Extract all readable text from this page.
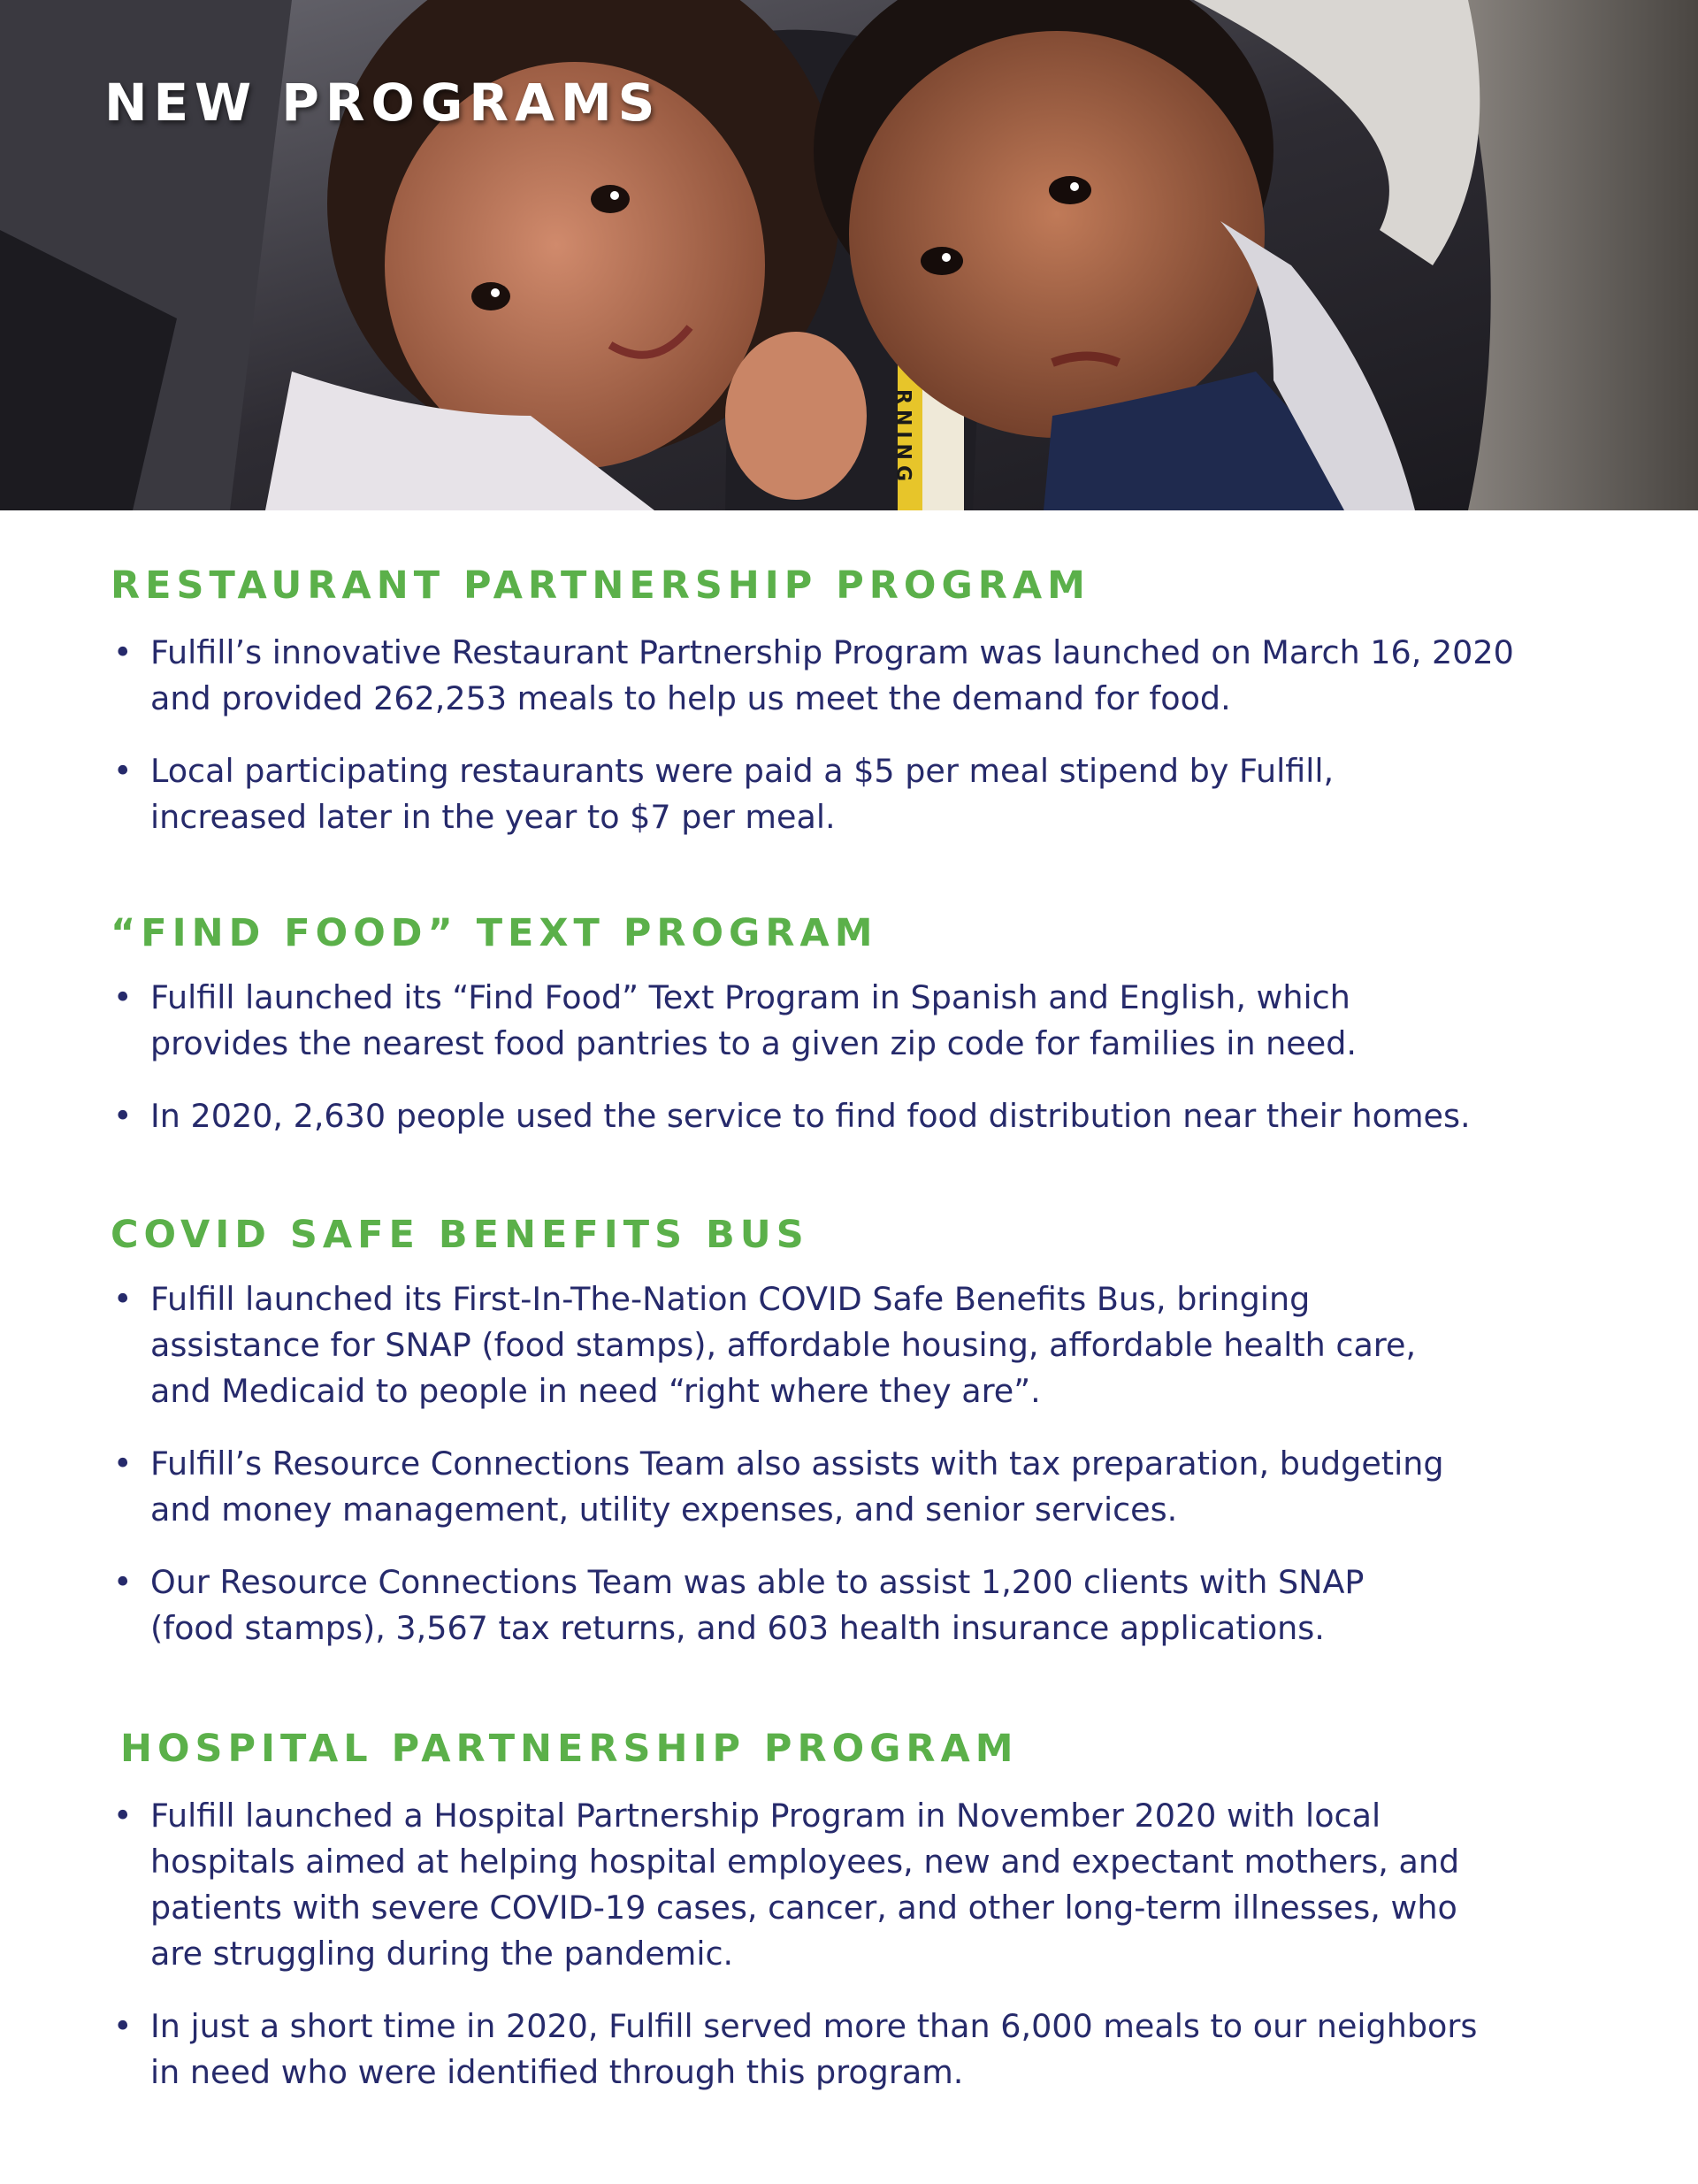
RNING
NEW PROGRAMS
RESTAURANT PARTNERSHIP PROGRAM
• Fulfill’s innovative Restaurant Partnership Program was launched on March 16, 2020
and provided 262,253 meals to help us meet the demand for food.
• Local participating restaurants were paid a $5 per meal stipend by Fulfill,
increased later in the year to $7 per meal.
“FIND FOOD” TEXT PROGRAM
• Fulfill launched its “Find Food” Text Program in Spanish and English, which
provides the nearest food pantries to a given zip code for families in need.
• In 2020, 2,630 people used the service to find food distribution near their homes.
COVID SAFE BENEFITS BUS
• Fulfill launched its First-In-The-Nation COVID Safe Benefits Bus, bringing
assistance for SNAP (food stamps), affordable housing, affordable health care,
and Medicaid to people in need “right where they are”.
• Fulfill’s Resource Connections Team also assists with tax preparation, budgeting
and money management, utility expenses, and senior services.
• Our Resource Connections Team was able to assist 1,200 clients with SNAP
(food stamps), 3,567 tax returns, and 603 health insurance applications.
HOSPITAL PARTNERSHIP PROGRAM
• Fulfill launched a Hospital Partnership Program in November 2020 with local
hospitals aimed at helping hospital employees, new and expectant mothers, and
patients with severe COVID-19 cases, cancer, and other long-term illnesses, who
are struggling during the pandemic.
• In just a short time in 2020, Fulfill served more than 6,000 meals to our neighbors
in need who were identified through this program.
